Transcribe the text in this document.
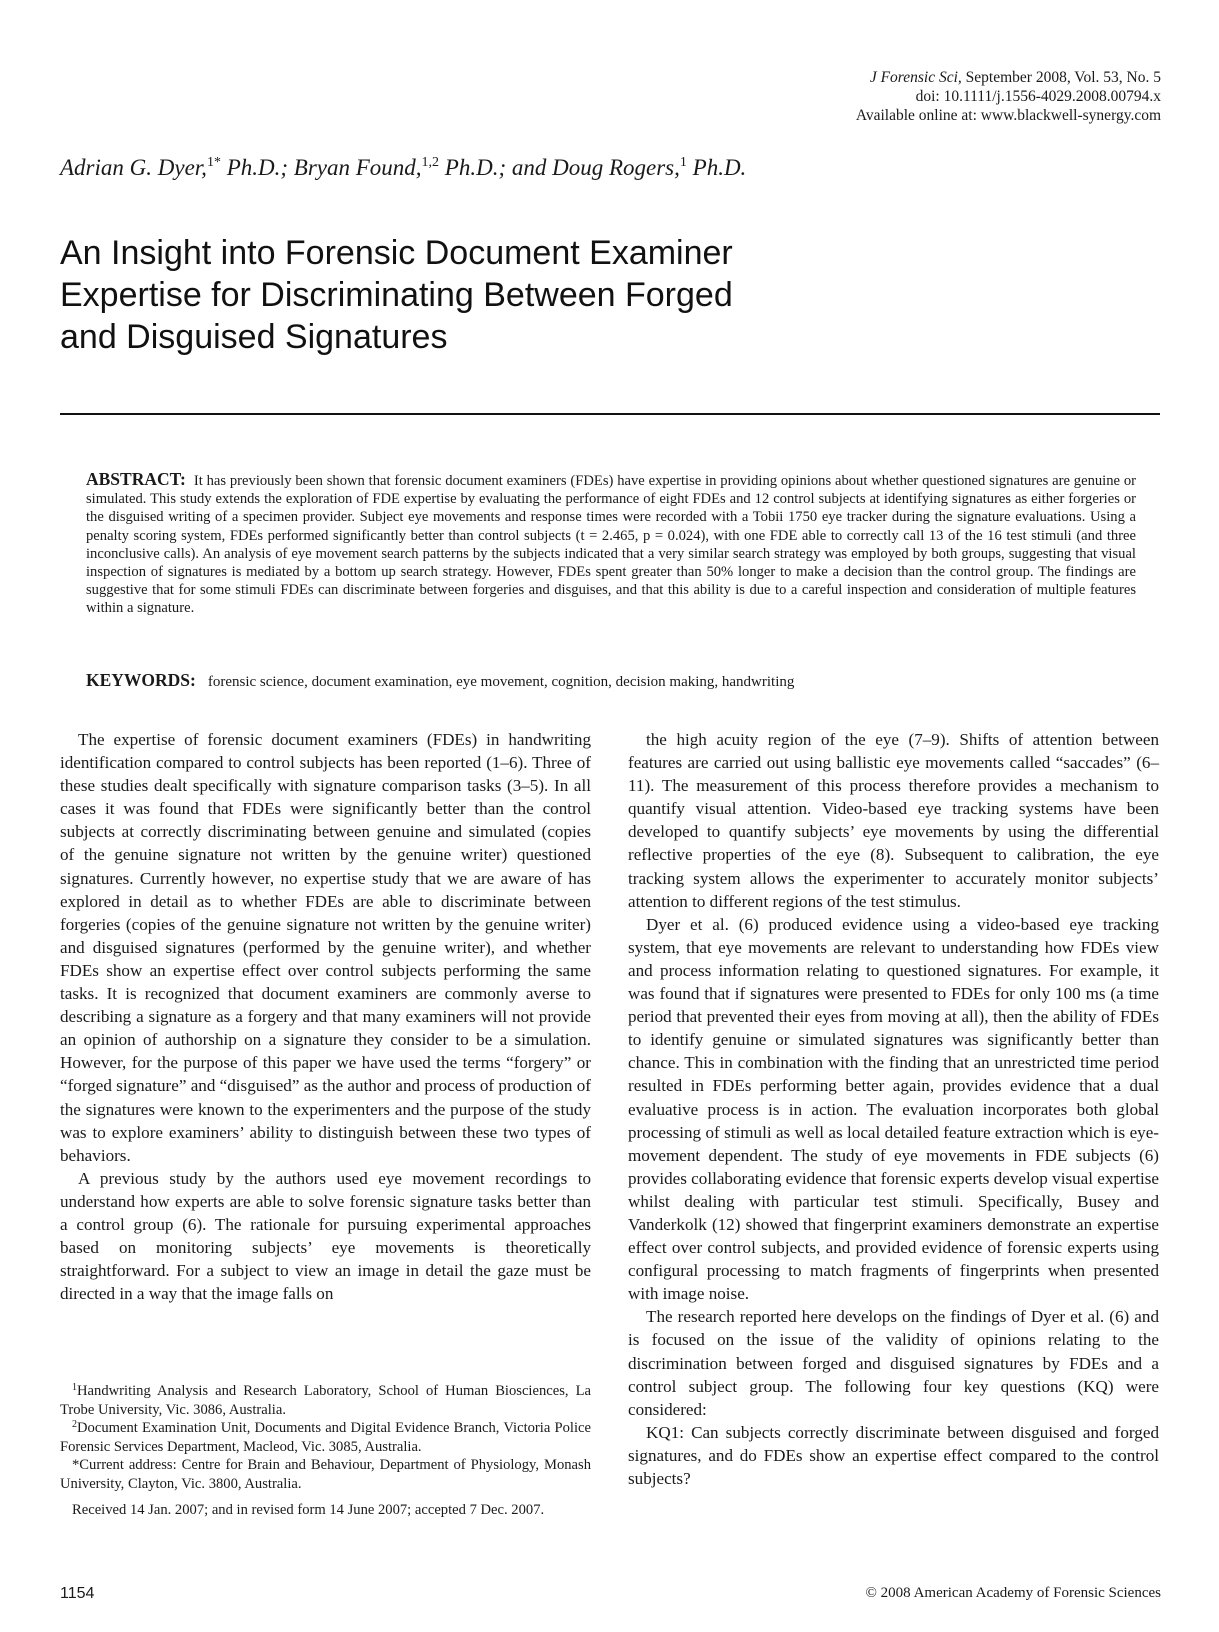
J Forensic Sci, September 2008, Vol. 53, No. 5
doi: 10.1111/j.1556-4029.2008.00794.x
Available online at: www.blackwell-synergy.com
Adrian G. Dyer,$^{1*}$ Ph.D.; Bryan Found,$^{1,2}$ Ph.D.; and Doug Rogers,$^1$ Ph.D.
An Insight into Forensic Document Examiner
Expertise for Discriminating Between Forged
and Disguised Signatures
ABSTRACT: It has previously been shown that forensic document examiners (FDEs) have expertise in providing opinions about whether questioned signatures are genuine or simulated. This study extends the exploration of FDE expertise by evaluating the performance of eight FDEs and 12 control subjects at identifying signatures as either forgeries or the disguised writing of a specimen provider. Subject eye movements and response times were recorded with a Tobii 1750 eye tracker during the signature evaluations. Using a penalty scoring system, FDEs performed significantly better than control subjects (t = 2.465, p = 0.024), with one FDE able to correctly call 13 of the 16 test stimuli (and three inconclusive calls). An analysis of eye movement search patterns by the subjects indicated that a very similar search strategy was employed by both groups, suggesting that visual inspection of signatures is mediated by a bottom up search strategy. However, FDEs spent greater than 50% longer to make a decision than the control group. The findings are suggestive that for some stimuli FDEs can discriminate between forgeries and disguises, and that this ability is due to a careful inspection and consideration of multiple features within a signature.
KEYWORDS: forensic science, document examination, eye movement, cognition, decision making, handwriting

The expertise of forensic document examiners (FDEs) in handwriting identification compared to control subjects has been reported (1–6). Three of these studies dealt specifically with signature comparison tasks (3–5). In all cases it was found that FDEs were significantly better than the control subjects at correctly discriminating between genuine and simulated (copies of the genuine signature not written by the genuine writer) questioned signatures. Currently however, no expertise study that we are aware of has explored in detail as to whether FDEs are able to discriminate between forgeries (copies of the genuine signature not written by the genuine writer) and disguised signatures (performed by the genuine writer), and whether FDEs show an expertise effect over control subjects performing the same tasks. It is recognized that document examiners are commonly averse to describing a signature as a forgery and that many examiners will not provide an opinion of authorship on a signature they consider to be a simulation. However, for the purpose of this paper we have used the terms “forgery” or “forged signature” and “disguised” as the author and process of production of the signatures were known to the experimenters and the purpose of the study was to explore examiners’ ability to distinguish between these two types of behaviors.

A previous study by the authors used eye movement recordings to understand how experts are able to solve forensic signature tasks better than a control group (6). The rationale for pursuing experimental approaches based on monitoring subjects’ eye movements is theoretically straightforward. For a subject to view an image in detail the gaze must be directed in a way that the image falls on

the high acuity region of the eye (7–9). Shifts of attention between features are carried out using ballistic eye movements called “saccades” (6–11). The measurement of this process therefore provides a mechanism to quantify visual attention. Video-based eye tracking systems have been developed to quantify subjects’ eye movements by using the differential reflective properties of the eye (8). Subsequent to calibration, the eye tracking system allows the experimenter to accurately monitor subjects’ attention to different regions of the test stimulus.

Dyer et al. (6) produced evidence using a video-based eye tracking system, that eye movements are relevant to understanding how FDEs view and process information relating to questioned signatures. For example, it was found that if signatures were presented to FDEs for only 100 ms (a time period that prevented their eyes from moving at all), then the ability of FDEs to identify genuine or simulated signatures was significantly better than chance. This in combination with the finding that an unrestricted time period resulted in FDEs performing better again, provides evidence that a dual evaluative process is in action. The evaluation incorporates both global processing of stimuli as well as local detailed feature extraction which is eye-movement dependent. The study of eye movements in FDE subjects (6) provides collaborating evidence that forensic experts develop visual expertise whilst dealing with particular test stimuli. Specifically, Busey and Vanderkolk (12) showed that fingerprint examiners demonstrate an expertise effect over control subjects, and provided evidence of forensic experts using configural processing to match fragments of fingerprints when presented with image noise.

The research reported here develops on the findings of Dyer et al. (6) and is focused on the issue of the validity of opinions relating to the discrimination between forged and disguised signatures by FDEs and a control subject group. The following four key questions (KQ) were considered:

KQ1: Can subjects correctly discriminate between disguised and forged signatures, and do FDEs show an expertise effect compared to the control subjects?

$^1$Handwriting Analysis and Research Laboratory, School of Human Biosciences, La Trobe University, Vic. 3086, Australia.

$^2$Document Examination Unit, Documents and Digital Evidence Branch, Victoria Police Forensic Services Department, Macleod, Vic. 3085, Australia.

*Current address: Centre for Brain and Behaviour, Department of Physiology, Monash University, Clayton, Vic. 3800, Australia.

Received 14 Jan. 2007; and in revised form 14 June 2007; accepted 7 Dec. 2007.

1154	© 2008 American Academy of Forensic Sciences
